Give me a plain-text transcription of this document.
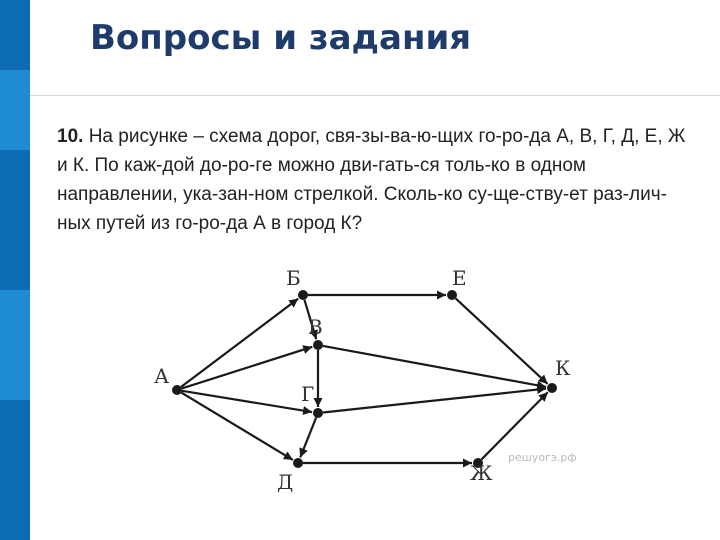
Вопросы и задания
10. На рисунке – схема дорог, свя-зы-ва-ю-щих го-ро-да А, В, Г, Д, Е, Ж и К. По каж-дой до-ро-ге можно дви-гать-ся толь-ко в одном направлении, ука-зан-ном стрелкой. Сколь-ко су-ще-ству-ет раз-лич-ных путей из го-ро-да А в город К?
А
Б
В
Г
Д
Е
Ж
К
решуогэ.рф
